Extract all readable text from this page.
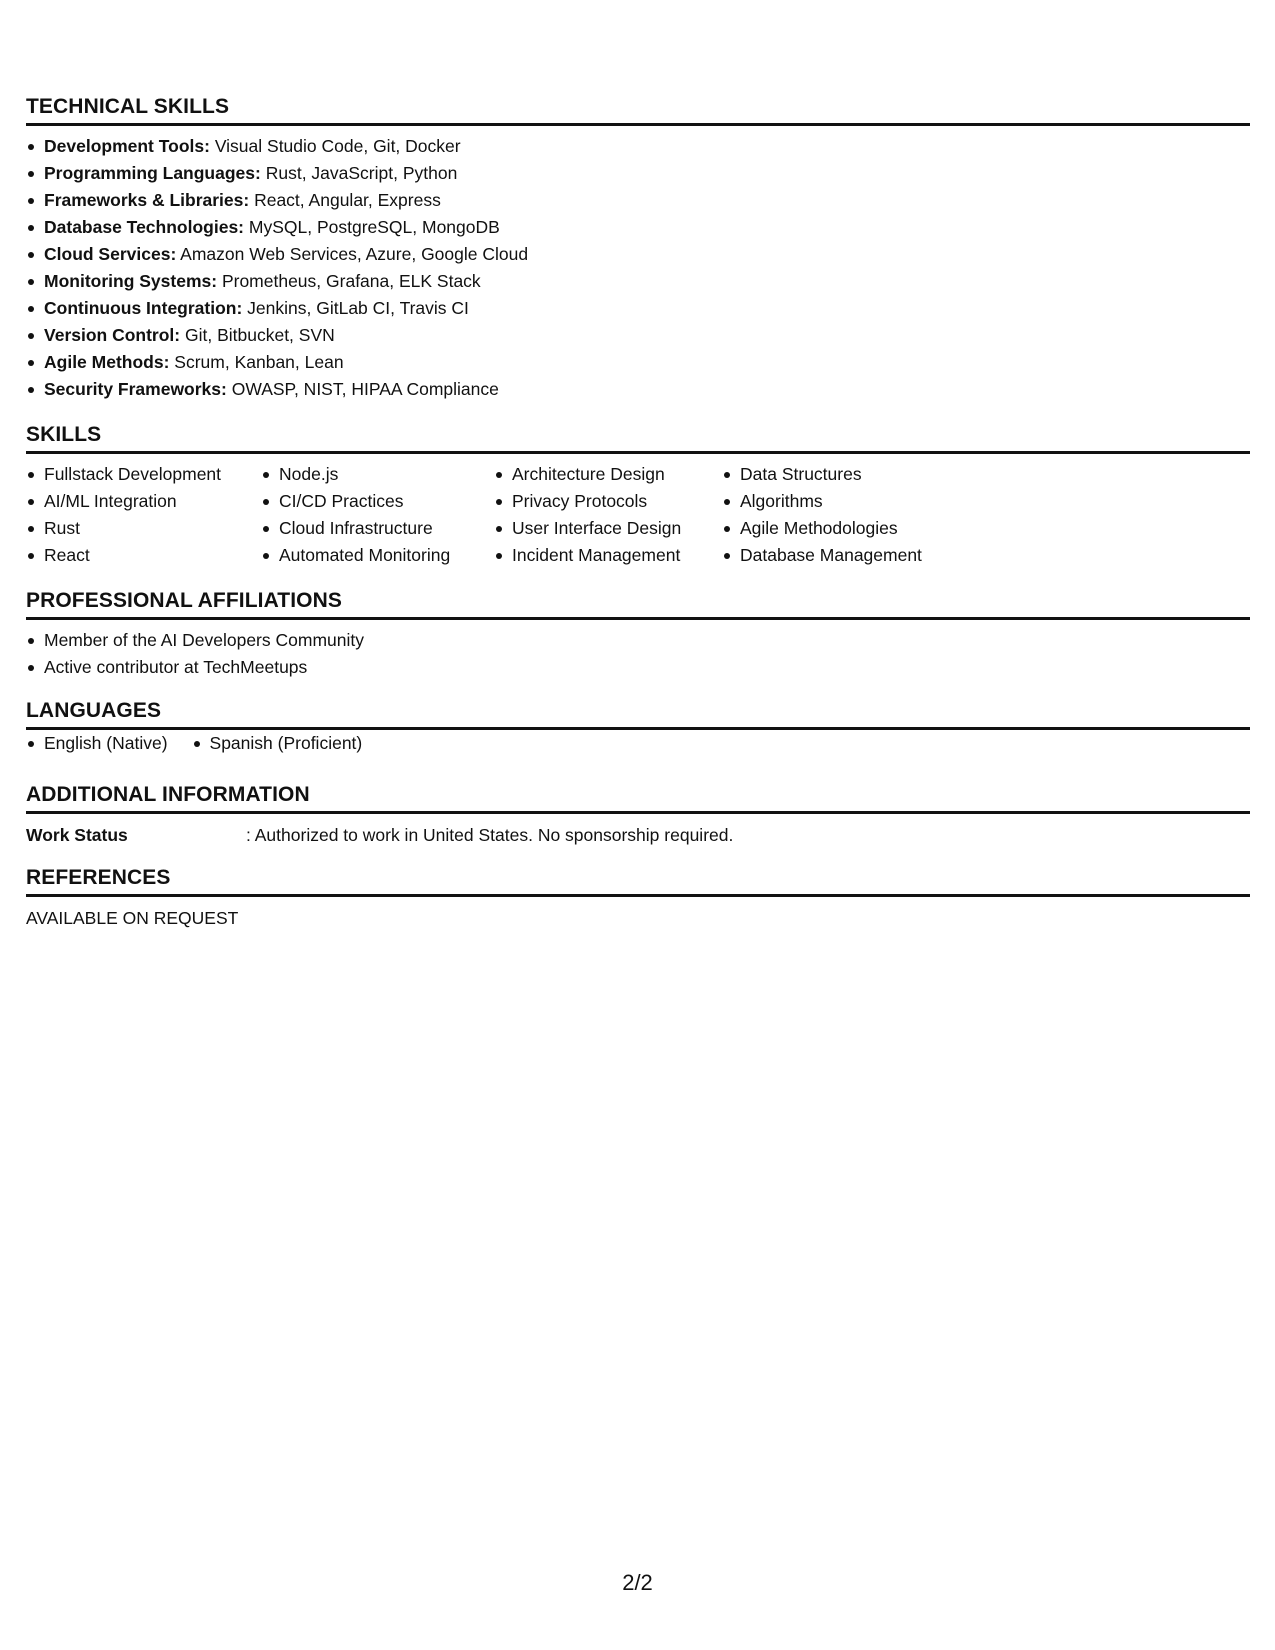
TECHNICAL SKILLS
Development Tools: Visual Studio Code, Git, Docker
Programming Languages: Rust, JavaScript, Python
Frameworks & Libraries: React, Angular, Express
Database Technologies: MySQL, PostgreSQL, MongoDB
Cloud Services: Amazon Web Services, Azure, Google Cloud
Monitoring Systems: Prometheus, Grafana, ELK Stack
Continuous Integration: Jenkins, GitLab CI, Travis CI
Version Control: Git, Bitbucket, SVN
Agile Methods: Scrum, Kanban, Lean
Security Frameworks: OWASP, NIST, HIPAA Compliance
SKILLS
Fullstack Development
AI/ML Integration
Rust
React
Node.js
CI/CD Practices
Cloud Infrastructure
Automated Monitoring
Architecture Design
Privacy Protocols
User Interface Design
Incident Management
Data Structures
Algorithms
Agile Methodologies
Database Management
PROFESSIONAL AFFILIATIONS
Member of the AI Developers Community
Active contributor at TechMeetups
LANGUAGES
English (Native)	Spanish (Proficient)
ADDITIONAL INFORMATION
Work Status	: Authorized to work in United States. No sponsorship required.
REFERENCES
AVAILABLE ON REQUEST
2/2
